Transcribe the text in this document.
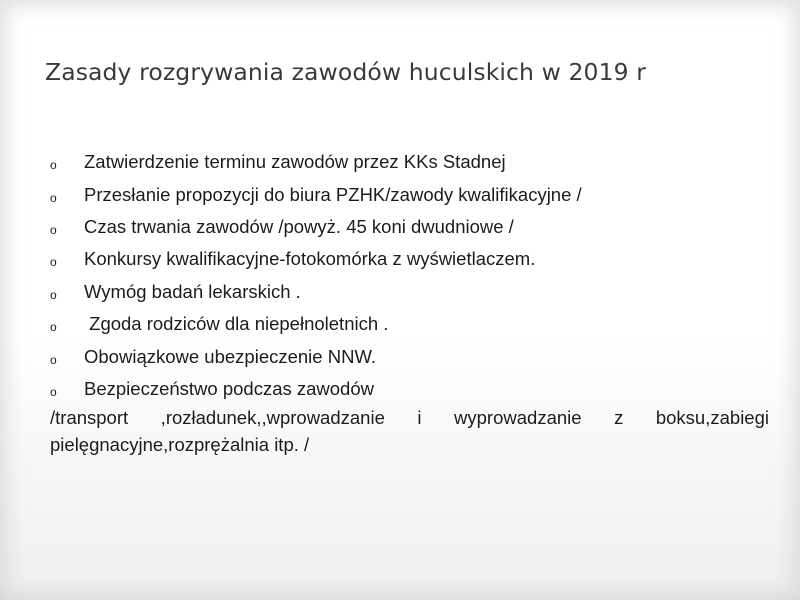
Zasady rozgrywania zawodów huculskich w 2019 r
o	Zatwierdzenie terminu zawodów przez KKs Stadnej
o	Przesłanie propozycji do biura PZHK/zawody kwalifikacyjne /
o	Czas trwania zawodów /powyż. 45 koni dwudniowe /
o	Konkursy kwalifikacyjne-fotokomórka z wyświetlaczem.
o	Wymóg badań lekarskich .
o	Zgoda rodziców dla niepełnoletnich .
o	Obowiązkowe ubezpieczenie NNW.
o	Bezpieczeństwo podczas zawodów
/transport ,rozładunek,,wprowadzanie i wyprowadzanie z boksu,zabiegi pielęgnacyjne,rozprężalnia itp. /
